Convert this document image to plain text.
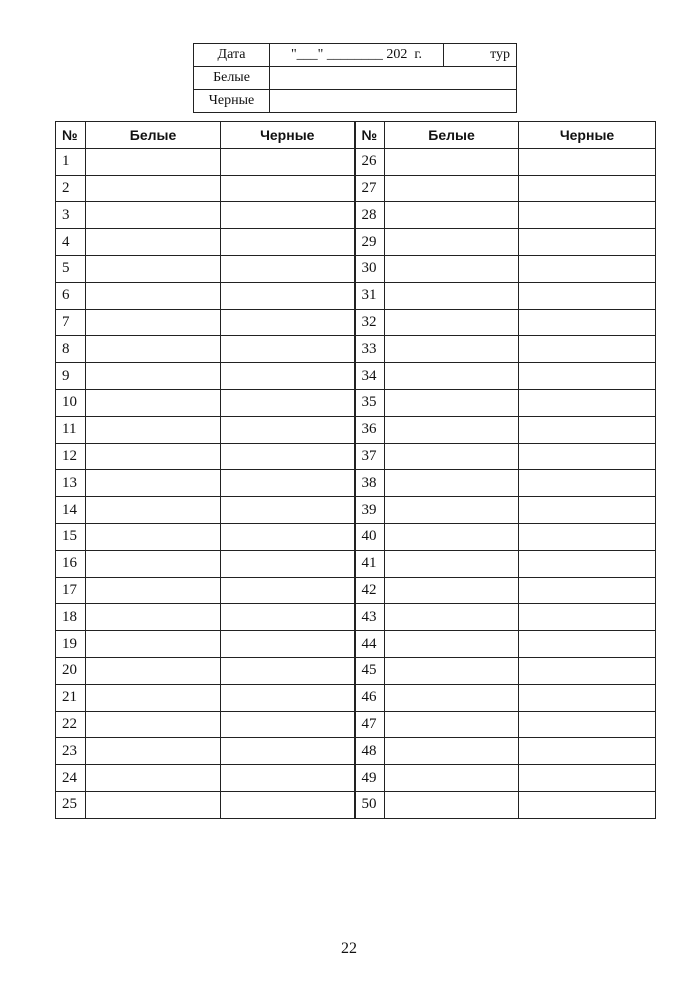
Дата	"___" ________ 202  г.	тур
Белые		
Черные		
№	Белые	Черные	№	Белые	Черные
1			26		
2			27		
3			28		
4			29		
5			30		
6			31		
7			32		
8			33		
9			34		
10			35		
11			36		
12			37		
13			38		
14			39		
15			40		
16			41		
17			42		
18			43		
19			44		
20			45		
21			46		
22			47		
23			48		
24			49		
25			50		
22
